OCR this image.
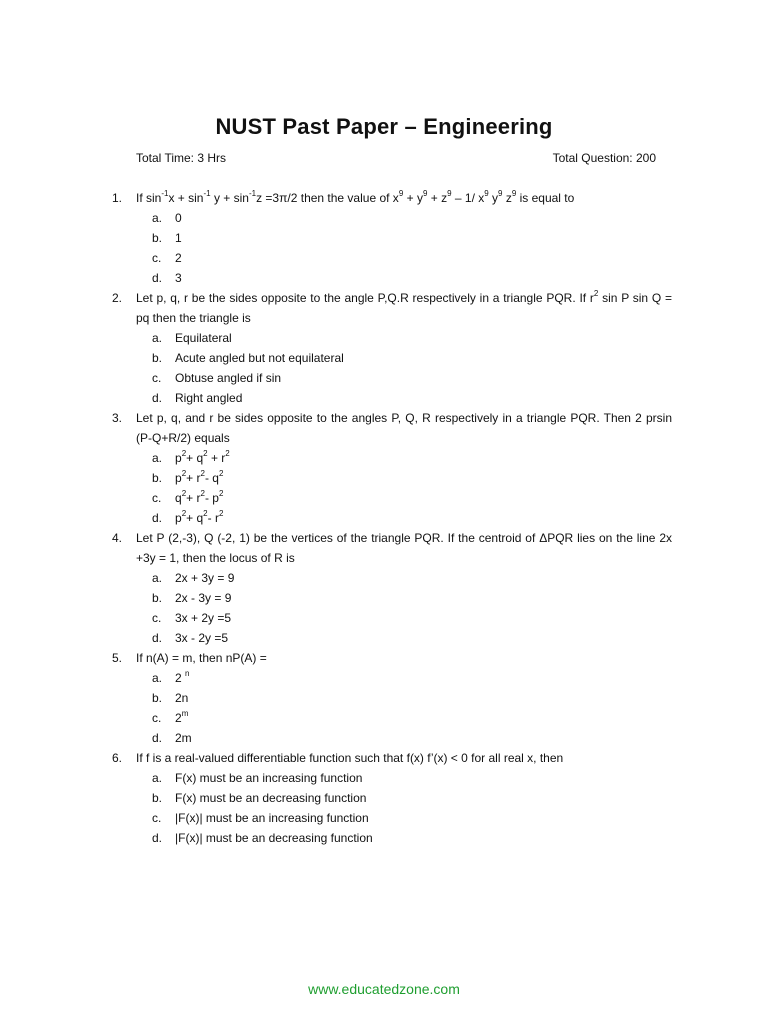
NUST Past Paper – Engineering
Total Time: 3 Hrs	Total Question: 200
1.	If $\sin^{-1}x + \sin^{-1} y + \sin^{-1}z =3\pi/2$ then the value of $x^9 + y^9 + z^9 - 1/$ $x^9$ $y^9$ $z^9$ is equal to
a.	0
b.	1
c.	2
d.	3
2.	Let p, q, r be the sides opposite to the angle P,Q.R respectively in a triangle PQR. If $r^2$ sin P sin Q = pq then the triangle is
a.	Equilateral
b.	Acute angled but not equilateral
c.	Obtuse angled if sin
d.	Right angled
3.	Let p, q, and r be sides opposite to the angles P, Q, R respectively in a triangle PQR. Then 2 prsin (P-Q+R/2) equals
a.	$p^2+ q^2 + r^2$
b.	$p^2+ r^2-$ $q^2$
c.	$q^2+ r^2-$ $p^2$
d.	$p^2+ q^2-$ $r^2$
4.	Let P (2,-3), Q (-2, 1) be the vertices of the triangle PQR. If the centroid of ΔPQR lies on the line 2x +3y = 1, then the locus of R is
a.	2x + 3y = 9
b.	2x - 3y = 9
c.	3x + 2y =5
d.	3x - 2y =5
5.	If n(A) = m, then nP(A) =
a.	2 $^n$
b.	2n
c.	2$^m$
d.	2m
6.	If f is a real-valued differentiable function such that f(x) f’(x) < 0 for all real x, then
a.	F(x) must be an increasing function
b.	F(x) must be an decreasing function
c.	|F(x)| must be an increasing function
d.	|F(x)| must be an decreasing function
www.educatedzone.com
